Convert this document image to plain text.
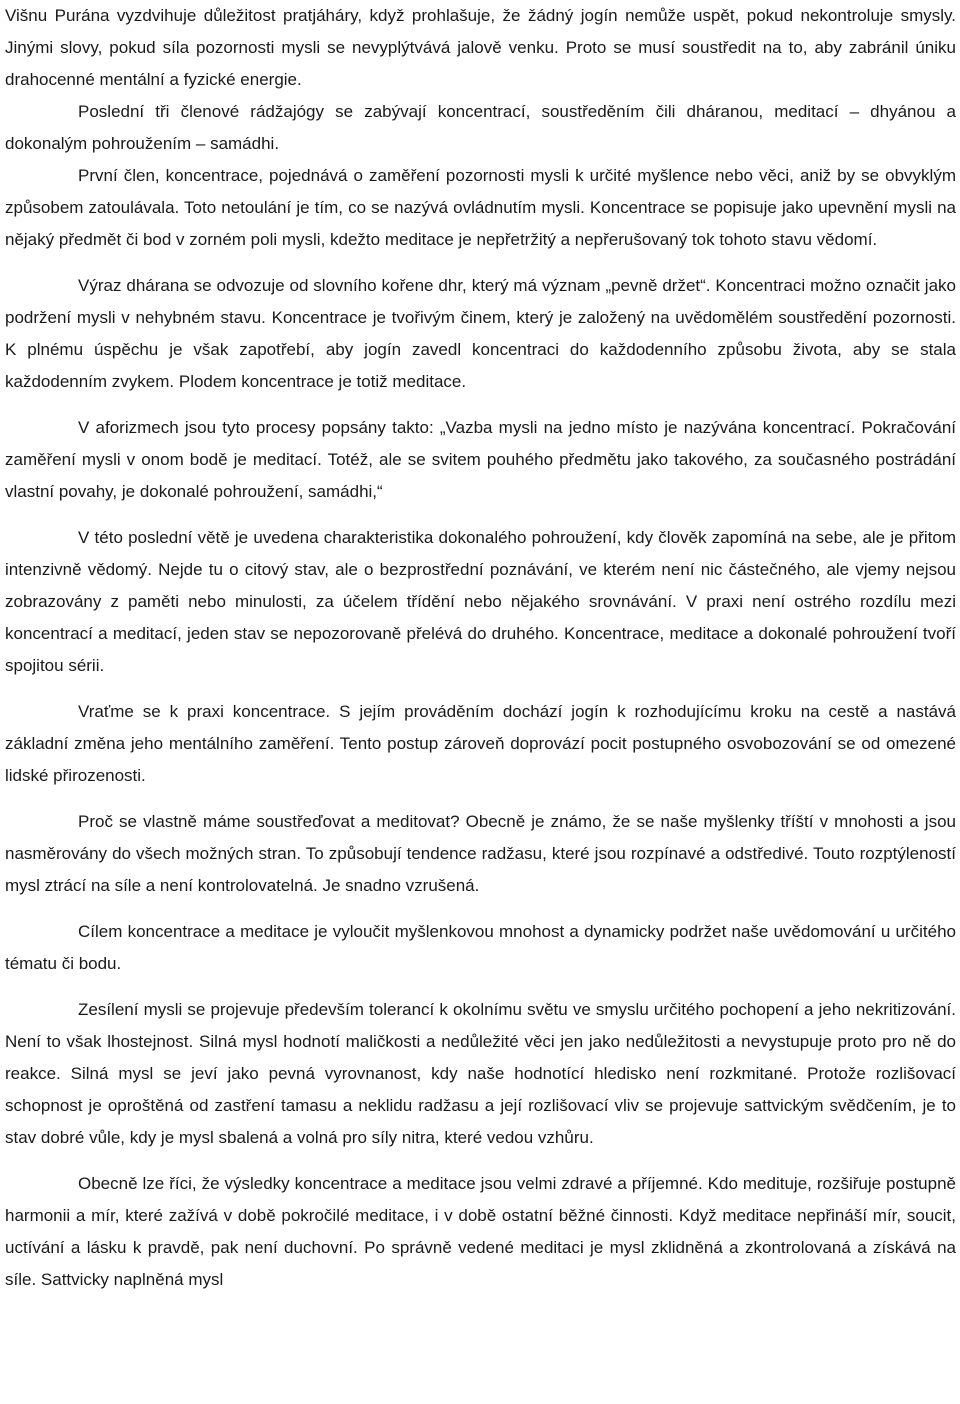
Višnu Purána vyzdvihuje důležitost pratjáháry, když prohlašuje, že žádný jogín nemůže uspět, pokud nekontroluje smysly. Jinými slovy, pokud síla pozornosti mysli se nevyplýtvává jalově venku. Proto se musí soustředit na to, aby zabránil úniku drahocenné mentální a fyzické energie.

Poslední tři členové rádžajógy se zabývají koncentrací, soustředěním čili dháranou, meditací – dhyánou a dokonalým pohroužením – samádhi.

První člen, koncentrace, pojednává o zaměření pozornosti mysli k určité myšlence nebo věci, aniž by se obvyklým způsobem zatoulávala. Toto netoulání je tím, co se nazývá ovládnutím mysli. Koncentrace se popisuje jako upevnění mysli na nějaký předmět či bod v zorném poli mysli, kdežto meditace je nepřetržitý a nepřerušovaný tok tohoto stavu vědomí.

Výraz dhárana se odvozuje od slovního kořene dhr, který má význam „pevně držet“. Koncentraci možno označit jako podržení mysli v nehybném stavu. Koncentrace je tvořivým činem, který je založený na uvědomělém soustředění pozornosti. K plnému úspěchu je však zapotřebí, aby jogín zavedl koncentraci do každodenního způsobu života, aby se stala každodenním zvykem. Plodem koncentrace je totiž meditace.

V aforizmech jsou tyto procesy popsány takto: „Vazba mysli na jedno místo je nazývána koncentrací. Pokračování zaměření mysli v onom bodě je meditací. Totéž, ale se svitem pouhého předmětu jako takového, za současného postrádání vlastní povahy, je dokonalé pohroužení, samádhi,“

V této poslední větě je uvedena charakteristika dokonalého pohroužení, kdy člověk zapomíná na sebe, ale je přitom intenzivně vědomý. Nejde tu o citový stav, ale o bezprostřední poznávání, ve kterém není nic částečného, ale vjemy nejsou zobrazovány z paměti nebo minulosti, za účelem třídění nebo nějakého srovnávání. V praxi není ostrého rozdílu mezi koncentrací a meditací, jeden stav se nepozorovaně přelévá do druhého. Koncentrace, meditace a dokonalé pohroužení tvoří spojitou sérii.

Vraťme se k praxi koncentrace. S jejím prováděním dochází jogín k rozhodujícímu kroku na cestě a nastává základní změna jeho mentálního zaměření. Tento postup zároveň doprovází pocit postupného osvobozování se od omezené lidské přirozenosti.

Proč se vlastně máme soustřeďovat a meditovat? Obecně je známo, že se naše myšlenky tříští v mnohosti a jsou nasměrovány do všech možných stran. To způsobují tendence radžasu, které jsou rozpínavé a odstředivé. Touto rozptýleností mysl ztrácí na síle a není kontrolovatelná. Je snadno vzrušená.

Cílem koncentrace a meditace je vyloučit myšlenkovou mnohost a dynamicky podržet naše uvědomování u určitého tématu či bodu.

Zesílení mysli se projevuje především tolerancí k okolnímu světu ve smyslu určitého pochopení a jeho nekritizování. Není to však lhostejnost. Silná mysl hodnotí maličkosti a nedůležité věci jen jako nedůležitosti a nevystupuje proto pro ně do reakce. Silná mysl se jeví jako pevná vyrovnanost, kdy naše hodnotící hledisko není rozkmitané. Protože rozlišovací schopnost je oproštěná od zastření tamasu a neklidu radžasu a její rozlišovací vliv se projevuje sattvickým svědčením, je to stav dobré vůle, kdy je mysl sbalená a volná pro síly nitra, které vedou vzhůru.

Obecně lze říci, že výsledky koncentrace a meditace jsou velmi zdravé a příjemné. Kdo medituje, rozšiřuje postupně harmonii a mír, které zažívá v době pokročilé meditace, i v době ostatní běžné činnosti. Když meditace nepřináší mír, soucit, uctívání a lásku k pravdě, pak není duchovní. Po správně vedené meditaci je mysl zklidněná a zkontrolovaná a získává na síle. Sattvicky naplněná mysl
